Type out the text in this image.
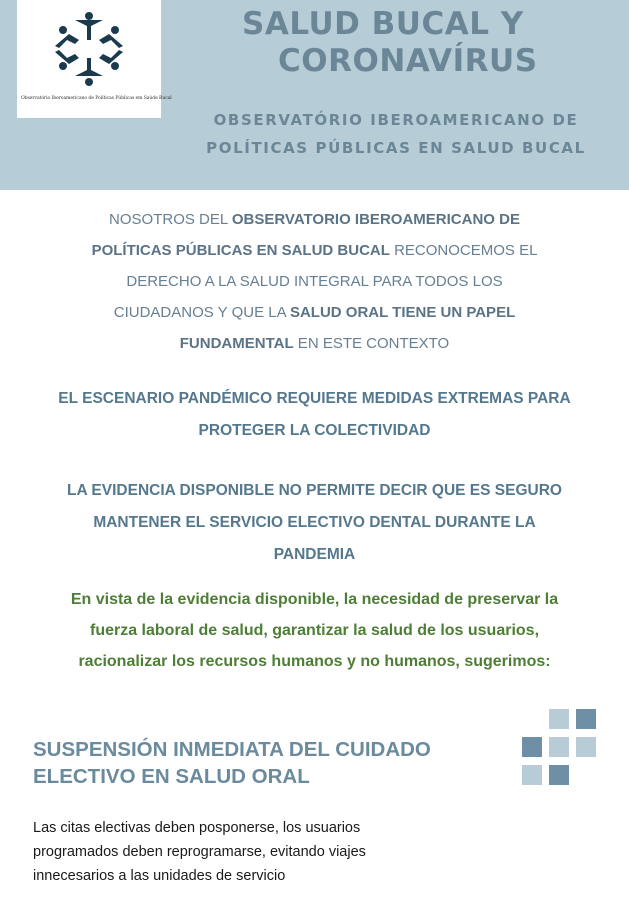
Observatório Iberoamericano de Políticas Públicas em Saúde Bucal
SALUD BUCAL Y
CORONAVÍRUS
OBSERVATÓRIO IBEROAMERICANO DE
POLÍTICAS PÚBLICAS EN SALUD BUCAL
NOSOTROS DEL OBSERVATORIO IBEROAMERICANO DE
POLÍTICAS PÚBLICAS EN SALUD BUCAL RECONOCEMOS EL
DERECHO A LA SALUD INTEGRAL PARA TODOS LOS
CIUDADANOS Y QUE LA SALUD ORAL TIENE UN PAPEL
FUNDAMENTAL EN ESTE CONTEXTO
EL ESCENARIO PANDÉMICO REQUIERE MEDIDAS EXTREMAS PARA
PROTEGER LA COLECTIVIDAD
LA EVIDENCIA DISPONIBLE NO PERMITE DECIR QUE ES SEGURO
MANTENER EL SERVICIO ELECTIVO DENTAL DURANTE LA
PANDEMIA
En vista de la evidencia disponible, la necesidad de preservar la
fuerza laboral de salud, garantizar la salud de los usuarios,
racionalizar los recursos humanos y no humanos, sugerimos:
SUSPENSIÓN INMEDIATA DEL CUIDADO
ELECTIVO EN SALUD ORAL
Las citas electivas deben posponerse, los usuarios
programados deben reprogramarse, evitando viajes
innecesarios a las unidades de servicio
